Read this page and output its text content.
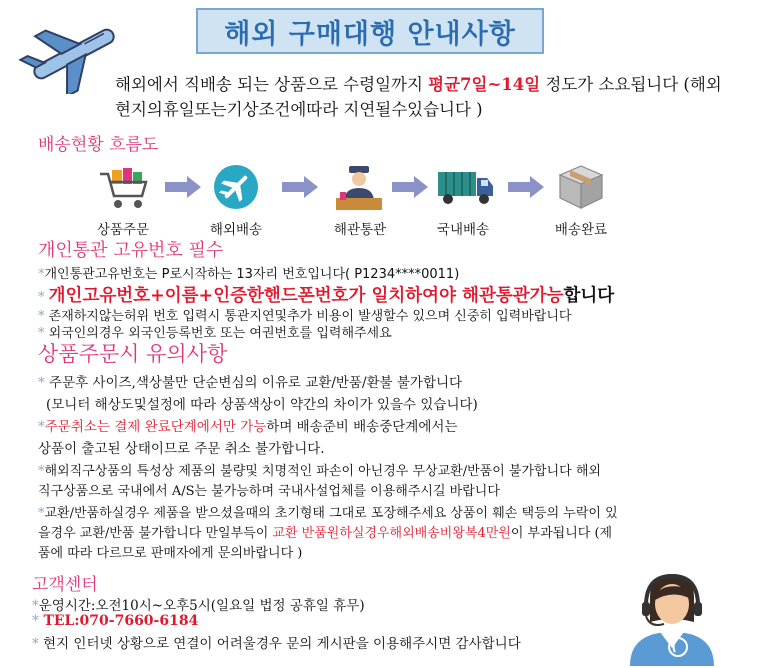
해외 구매대행 안내사항
해외에서 직배송 되는 상품으로 수령일까지 평균7일~14일 정도가 소요됩니다 (해외현지의휴일또는기상조건에따라 지연될수있습니다 )
배송현황 흐름도
상품주문	해외배송	해관통관	국내배송	배송완료
개인통관 고유번호 필수
*개인통관고유번호는 P로시작하는 13자리 번호입니다( P1234****0011)
* 개인고유번호+이름+인증한핸드폰번호가 일치하여야 해관통관가능합니다
* 존재하지않는허위 번호 입력시 통관지연및추가 비용이 발생할수 있으며 신중히 입력바랍니다
* 외국인의경우 외국인등록번호 또는 여권번호를 입력해주세요
상품주문시 유의사항
* 주문후 사이즈,색상불만 단순변심의 이유로 교환/반품/환불 불가합니다
(모니터 해상도및설정에 따라 상품색상이 약간의 차이가 있을수 있습니다)
*주문취소는 결제 완료단계에서만 가능하며 배송준비 배송중단계에서는
상품이 출고된 상태이므로 주문 취소 불가합니다.
*해외직구상품의 특성상 제품의 불량및 치명적인 파손이 아닌경우 무상교환/반품이 불가합니다 해외
직구상품으로 국내에서 A/S는 불가능하며 국내사설업체를 이용해주시길 바랍니다
*교환/반품하실경우 제품을 받으셨을때의 초기형태 그대로 포장해주세요 상품이 훼손 택등의 누락이 있
을경우 교환/반품 불가합니다 만일부득이 교환 반품원하실경우해외배송비왕복4만원이 부과됩니다 (제
품에 따라 다르므로 판매자에게 문의바랍니다 )
고객센터
*운영시간:오전10시~오후5시(일요일 법정 공휴일 휴무)
* TEL:070-7660-6184
* 현지 인터넷 상황으로 연결이 어려울경우 문의 게시판을 이용해주시면 감사합니다
